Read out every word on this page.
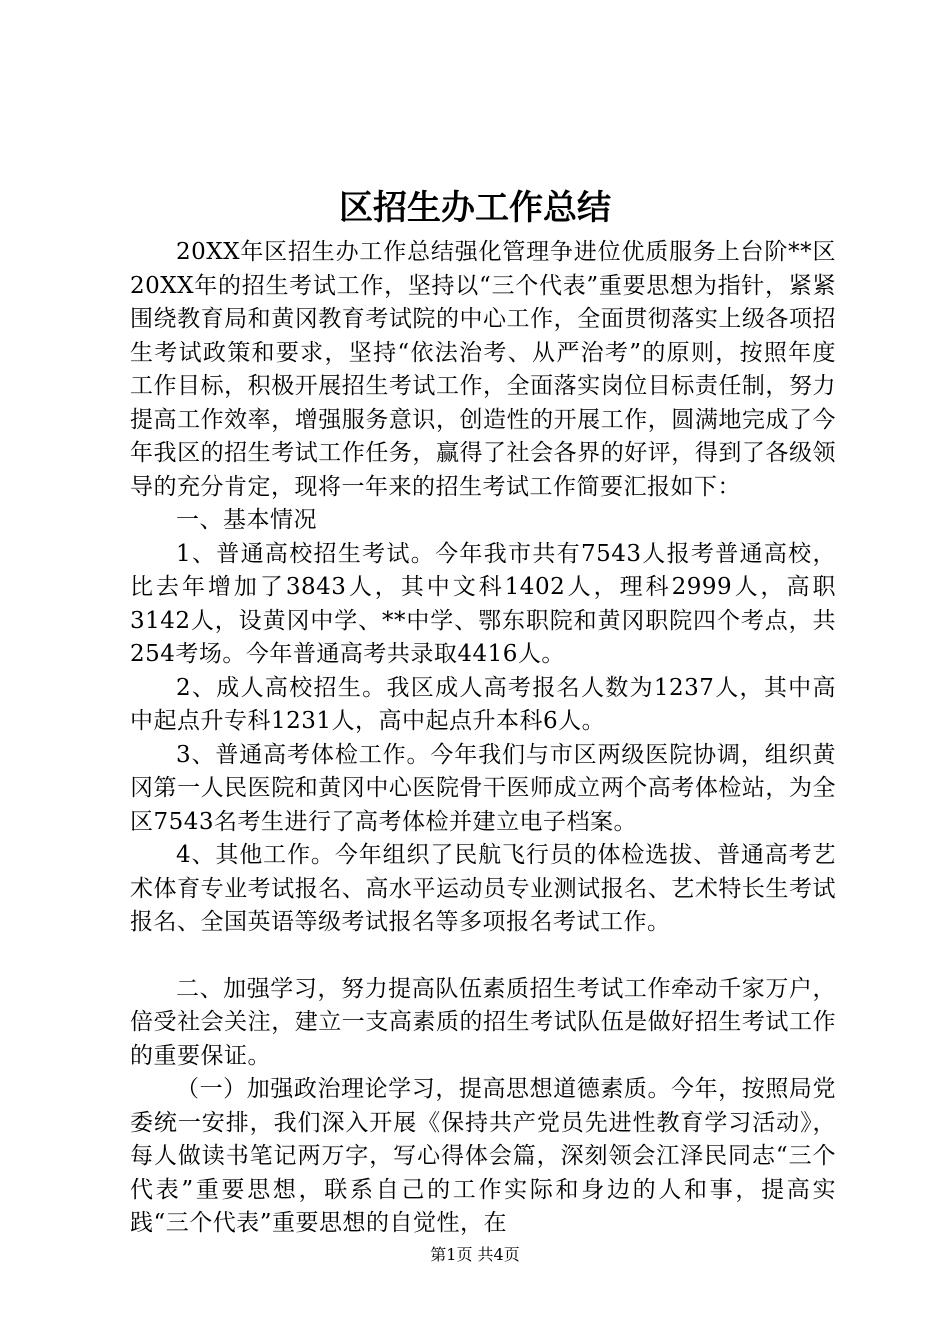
区招生办工作总结

20XX年区招生办工作总结强化管理争进位优质服务上台阶**区20XX年的招生考试工作，坚持以“三个代表”重要思想为指针，紧紧围绕教育局和黄冈教育考试院的中心工作，全面贯彻落实上级各项招生考试政策和要求，坚持“依法治考、从严治考”的原则，按照年度工作目标，积极开展招生考试工作，全面落实岗位目标责任制，努力提高工作效率，增强服务意识，创造性的开展工作，圆满地完成了今年我区的招生考试工作任务，赢得了社会各界的好评，得到了各级领导的充分肯定，现将一年来的招生考试工作简要汇报如下：

一、基本情况

1、普通高校招生考试。今年我市共有7543人报考普通高校，比去年增加了3843人，其中文科1402人，理科2999人，高职3142人，设黄冈中学、**中学、鄂东职院和黄冈职院四个考点，共254考场。今年普通高考共录取4416人。

2、成人高校招生。我区成人高考报名人数为1237人，其中高中起点升专科1231人，高中起点升本科6人。

3、普通高考体检工作。今年我们与市区两级医院协调，组织黄冈第一人民医院和黄冈中心医院骨干医师成立两个高考体检站，为全区7543名考生进行了高考体检并建立电子档案。

4、其他工作。今年组织了民航飞行员的体检选拔、普通高考艺术体育专业考试报名、高水平运动员专业测试报名、艺术特长生考试报名、全国英语等级考试报名等多项报名考试工作。

二、加强学习，努力提高队伍素质招生考试工作牵动千家万户，倍受社会关注，建立一支高素质的招生考试队伍是做好招生考试工作的重要保证。

（一）加强政治理论学习，提高思想道德素质。今年，按照局党委统一安排，我们深入开展《保持共产党员先进性教育学习活动》，每人做读书笔记两万字，写心得体会篇，深刻领会江泽民同志“三个代表”重要思想，联系自己的工作实际和身边的人和事，提高实践“三个代表”重要思想的自觉性，在

第1页 共4页
